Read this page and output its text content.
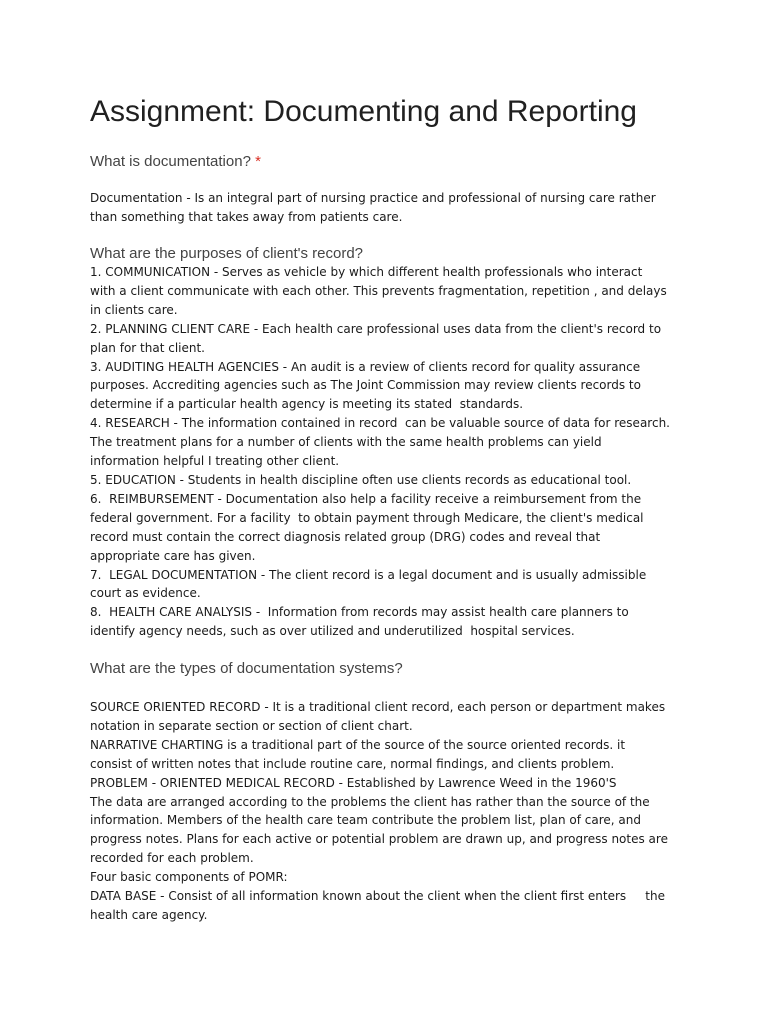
Assignment: Documenting and Reporting

What is documentation? *

Documentation - Is an integral part of nursing practice and professional of nursing care rather
than something that takes away from patients care.

What are the purposes of client's record?

1. COMMUNICATION - Serves as vehicle by which different health professionals who interact
with a client communicate with each other. This prevents fragmentation, repetition , and delays
in clients care.
2. PLANNING CLIENT CARE - Each health care professional uses data from the client's record to
plan for that client.
3. AUDITING HEALTH AGENCIES - An audit is a review of clients record for quality assurance
purposes. Accrediting agencies such as The Joint Commission may review clients records to
determine if a particular health agency is meeting its stated  standards.
4. RESEARCH - The information contained in record  can be valuable source of data for research.
The treatment plans for a number of clients with the same health problems can yield
information helpful I treating other client.
5. EDUCATION - Students in health discipline often use clients records as educational tool.
6.  REIMBURSEMENT - Documentation also help a facility receive a reimbursement from the
federal government. For a facility  to obtain payment through Medicare, the client's medical
record must contain the correct diagnosis related group (DRG) codes and reveal that
appropriate care has given.
7.  LEGAL DOCUMENTATION - The client record is a legal document and is usually admissible
court as evidence.
8.  HEALTH CARE ANALYSIS -  Information from records may assist health care planners to
identify agency needs, such as over utilized and underutilized  hospital services.

What are the types of documentation systems?

SOURCE ORIENTED RECORD - It is a traditional client record, each person or department makes
notation in separate section or section of client chart.
NARRATIVE CHARTING is a traditional part of the source of the source oriented records. it
consist of written notes that include routine care, normal findings, and clients problem.
PROBLEM - ORIENTED MEDICAL RECORD - Established by Lawrence Weed in the 1960'S
The data are arranged according to the problems the client has rather than the source of the
information. Members of the health care team contribute the problem list, plan of care, and
progress notes. Plans for each active or potential problem are drawn up, and progress notes are
recorded for each problem.
Four basic components of POMR:
DATA BASE - Consist of all information known about the client when the client first enters     the
health care agency.
